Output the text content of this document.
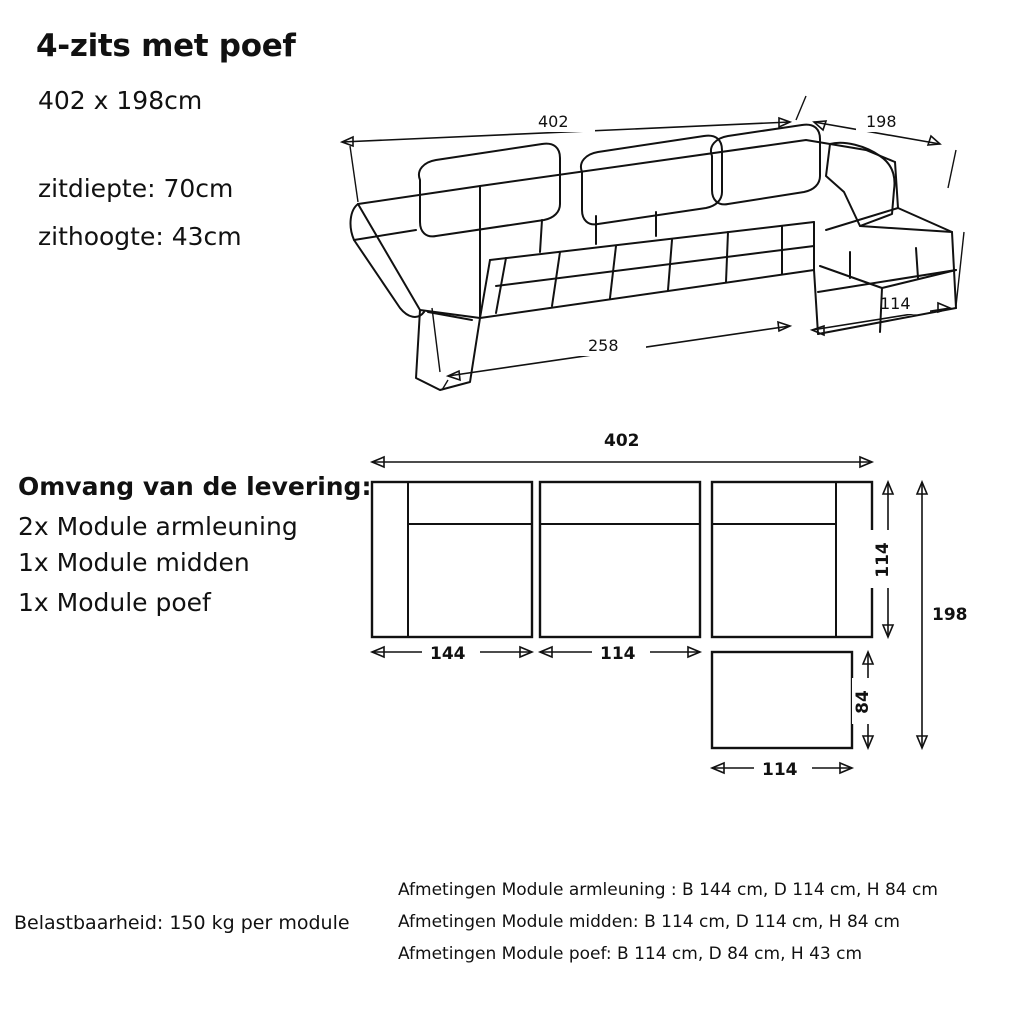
4-zits met poef
402 x 198cm
zitdiepte: 70cm
zithoogte: 43cm
Omvang van de levering:
2x Module armleuning
1x Module midden
1x Module poef
402	198
258
114
402
144	114
114
198
84
114
Belastbaarheid: 150 kg per module
Afmetingen Module armleuning : B 144 cm, D 114 cm, H 84 cm
Afmetingen Module midden: B 114 cm, D 114 cm, H 84 cm
Afmetingen Module poef: B 114 cm, D 84 cm, H 43 cm
